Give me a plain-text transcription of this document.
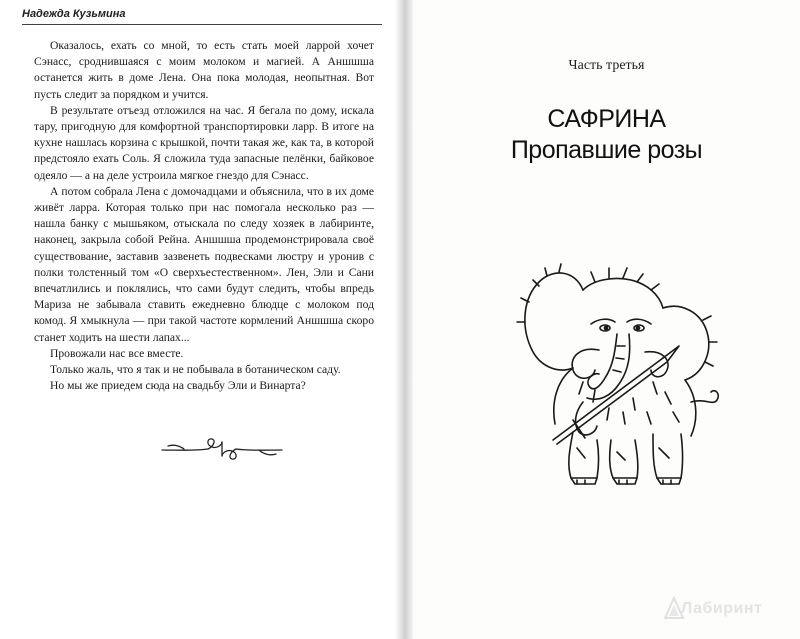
Надежда Кузьмина

Оказалось, ехать со мной, то есть стать моей ларрой хочет Сэнасс, сроднившаяся с моим молоком и магией. А Аншшша останется жить в доме Лена. Она пока молодая, неопытная. Вот пусть следит за порядком и учится.

В результате отъезд отложился на час. Я бегала по дому, искала тару, пригодную для комфортной транспортировки ларр. В итоге на кухне нашлась корзина с крышкой, почти такая же, как та, в которой предстояло ехать Соль. Я сложила туда запасные пелёнки, байковое одеяло — а на деле устроила мягкое гнездо для Сэнасс.

А потом собрала Лена с домочадцами и объяснила, что в их доме живёт ларра. Которая только при нас помогала несколько раз — нашла банку с мышьяком, отыскала по следу хозяек в лабиринте, наконец, закрыла собой Рейна. Аншшша продемонстрировала своё существование, заставив зазвенеть подвесками люстру и уронив с полки толстенный том «О сверхъестественном». Лен, Эли и Сани впечатлились и поклялись, что сами будут следить, чтобы впредь Мариза не забывала ставить ежедневно блюдце с молоком под комод. Я хмыкнула — при такой частоте кормлений Аншшша скоро станет ходить на шести лапах...

Провожали нас все вместе.

Только жаль, что я так и не побывала в ботаническом саду.

Но мы же приедем сюда на свадьбу Эли и Винарта?

Часть третья
САФРИНА
Пропавшие розы
Лабиринт
